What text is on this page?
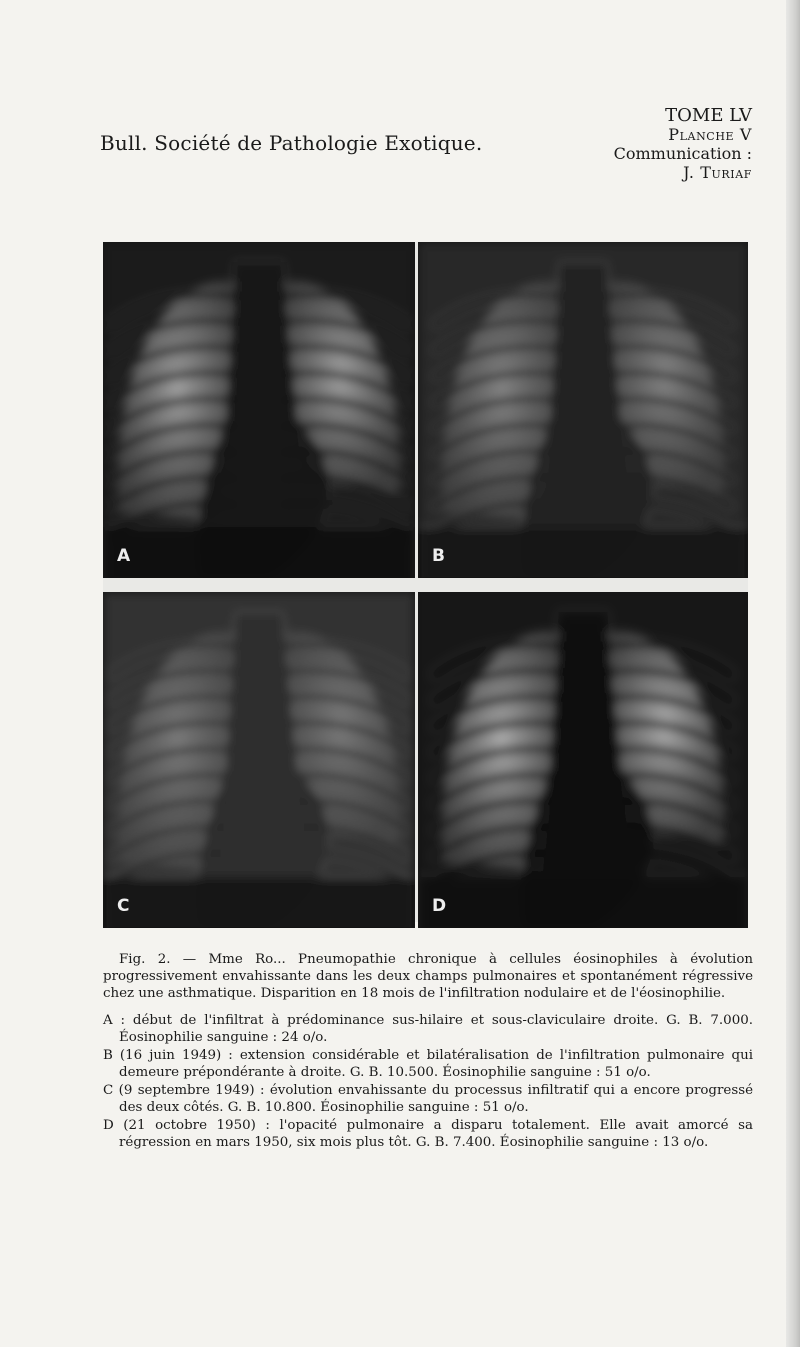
Bull. Société de Pathologie Exotique.
TOME LV
Planche V
Communication :
J. Turiaf
A	B
C	D

Fig. 2. — Mme Ro... Pneumopathie chronique à cellules éosinophiles à évolution progressivement envahissante dans les deux champs pulmonaires et spontanément régressive chez une asthmatique. Disparition en 18 mois de l'infiltration nodulaire et de l'éosinophilie.

A : début de l'infiltrat à prédominance sus-hilaire et sous-claviculaire droite. G. B. 7.000. Éosinophilie sanguine : 24 o/o.

B (16 juin 1949) : extension considérable et bilatéralisation de l'infiltration pulmonaire qui demeure prépondérante à droite. G. B. 10.500. Éosinophilie sanguine : 51 o/o.

C (9 septembre 1949) : évolution envahissante du processus infiltratif qui a encore progressé des deux côtés. G. B. 10.800. Éosinophilie sanguine : 51 o/o.

D (21 octobre 1950) : l'opacité pulmonaire a disparu totalement. Elle avait amorcé sa régression en mars 1950, six mois plus tôt. G. B. 7.400. Éosinophilie sanguine : 13 o/o.
